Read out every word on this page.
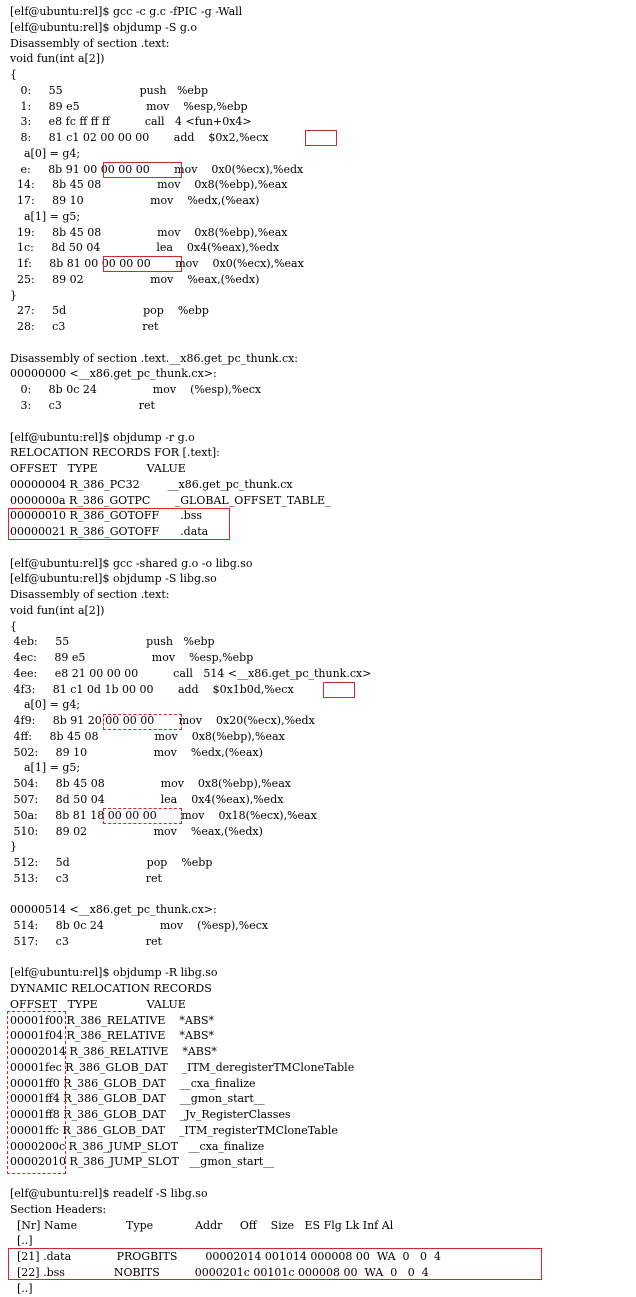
[elf@ubuntu:rel]$ gcc -c g.c -fPIC -g -Wall
[elf@ubuntu:rel]$ objdump -S g.o
Disassembly of section .text:
void fun(int a[2])
{
0:     55                      push   %ebp
1:     89 e5                   mov    %esp,%ebp
3:     e8 fc ff ff ff          call   4 <fun+0x4>
8:     81 c1 02 00 00 00       add    $0x2,%ecx
a[0] = g4;
e:     8b 91 00 00 00 00       mov    0x0(%ecx),%edx
14:     8b 45 08                mov    0x8(%ebp),%eax
17:     89 10                   mov    %edx,(%eax)
a[1] = g5;
19:     8b 45 08                mov    0x8(%ebp),%eax
1c:     8d 50 04                lea    0x4(%eax),%edx
1f:     8b 81 00 00 00 00       mov    0x0(%ecx),%eax
25:     89 02                   mov    %eax,(%edx)
}
27:     5d                      pop    %ebp
28:     c3                      ret
Disassembly of section .text.__x86.get_pc_thunk.cx:
00000000 <__x86.get_pc_thunk.cx>:
0:     8b 0c 24                mov    (%esp),%ecx
3:     c3                      ret
[elf@ubuntu:rel]$ objdump -r g.o
RELOCATION RECORDS FOR [.text]:
OFFSET   TYPE              VALUE
00000004 R_386_PC32        __x86.get_pc_thunk.cx
0000000a R_386_GOTPC       _GLOBAL_OFFSET_TABLE_
00000010 R_386_GOTOFF      .bss
00000021 R_386_GOTOFF      .data
[elf@ubuntu:rel]$ gcc -shared g.o -o libg.so
[elf@ubuntu:rel]$ objdump -S libg.so
Disassembly of section .text:
void fun(int a[2])
{
4eb:     55                      push   %ebp
4ec:     89 e5                   mov    %esp,%ebp
4ee:     e8 21 00 00 00          call   514 <__x86.get_pc_thunk.cx>
4f3:     81 c1 0d 1b 00 00       add    $0x1b0d,%ecx
a[0] = g4;
4f9:     8b 91 20 00 00 00       mov    0x20(%ecx),%edx
4ff:     8b 45 08                mov    0x8(%ebp),%eax
502:     89 10                   mov    %edx,(%eax)
a[1] = g5;
504:     8b 45 08                mov    0x8(%ebp),%eax
507:     8d 50 04                lea    0x4(%eax),%edx
50a:     8b 81 18 00 00 00       mov    0x18(%ecx),%eax
510:     89 02                   mov    %eax,(%edx)
}
512:     5d                      pop    %ebp
513:     c3                      ret
00000514 <__x86.get_pc_thunk.cx>:
514:     8b 0c 24                mov    (%esp),%ecx
517:     c3                      ret
[elf@ubuntu:rel]$ objdump -R libg.so
DYNAMIC RELOCATION RECORDS
OFFSET   TYPE              VALUE
00001f00 R_386_RELATIVE    *ABS*
00001f04 R_386_RELATIVE    *ABS*
00002014 R_386_RELATIVE    *ABS*
00001fec R_386_GLOB_DAT    _ITM_deregisterTMCloneTable
00001ff0 R_386_GLOB_DAT    __cxa_finalize
00001ff4 R_386_GLOB_DAT    __gmon_start__
00001ff8 R_386_GLOB_DAT    _Jv_RegisterClasses
00001ffc R_386_GLOB_DAT    _ITM_registerTMCloneTable
0000200c R_386_JUMP_SLOT   __cxa_finalize
00002010 R_386_JUMP_SLOT   __gmon_start__
[elf@ubuntu:rel]$ readelf -S libg.so
Section Headers:
[Nr] Name              Type            Addr     Off    Size   ES Flg Lk Inf Al
[..]
[21] .data             PROGBITS        00002014 001014 000008 00  WA  0   0  4
[22] .bss              NOBITS          0000201c 00101c 000008 00  WA  0   0  4
[..]
